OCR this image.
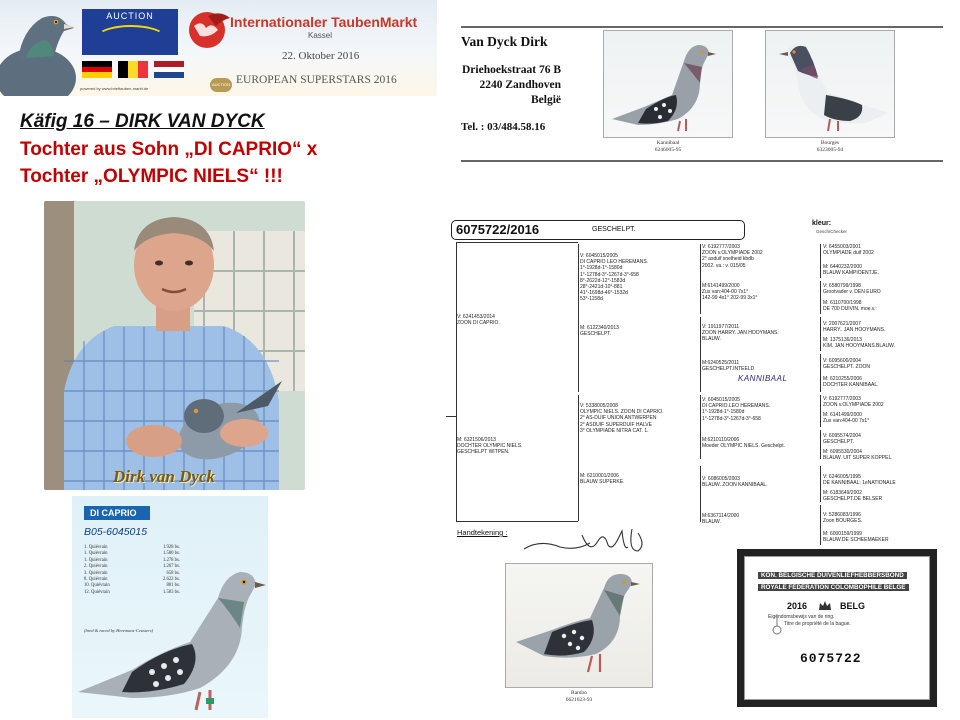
AUCTION	Internationaler TaubenMarkt
Kassel
22. Oktober 2016
AUCTION EUROPEAN SUPERSTARS 2016
powered by www.brieftauben-markt.de
Käfig 16 – DIRK VAN DYCK
Tochter aus Sohn „DI CAPRIO“ x
Tochter „OLYMPIC NIELS“ !!!
Dirk van Dyck
DI CAPRIO
B05-6045015
1. Quiévrain	1.928 bs.
1. Quiévrain	1.580 bs.
1. Quiévrain	1.278 bs.
2. Quiévrain	1.267 bs.
3. Quiévrain	658 bs.
8. Quiévrain	2.622 bs.
10. Quiévrain	881 bs.
12. Quiévrain	1.583 bs.
(bred & raced by Heremans-Ceusters)
Van Dyck Dirk
Driehoekstraat 76 B
2240 Zandhoven
België
Tel. : 03/484.58.16
Kannibaal
6246005-95
Bourges
6323005-94
6075722/2016	GESCHELPT.
kleur:
Gesch/Checker
V: 6241453/2014
ZOON DI CAPRIO.
M: 6321506/2013
DOCHTER OLYMPIC NIELS.
GESCHELPT WITPEN.
V: 6045015/2005
DI CAPRIO LEO HEREMANS.
1°-1928d-1°-1580d
1°-1278d-3°-1267d-3°-658
8°-2622d-12°-1583d
28°-2421d-10°-881
41°-1698d-46°-1532d
53°-1158d
M: 6122340/2013
GESCHELPT.
V: 5338005/2008
OLYMPIC NIELS. ZOON DI CAPRIO.
2° AS-DUIF UNION ANTWERPEN
2° ASDUIF SUPERDUIF HALVE
3° OLYMPIADE NITRA CAT. 1.
M: 6210001/2006
BLAUW SUPERKE.
V: 6192777/2003
ZOON v.OLYMPIADE 2002
2° asduif snelheid kbdb
2002. va.: v. 015/05
M:6141499/2000
Zus van:404-00 7x1°
142-99 4x1° 202-99 3x1°
V: 1911977/2011
ZOON HARRY. JAN HOOYMANS.
BLAUW.
M:6240525/2011
GESCHELPT.INTEELD
KANNIBAAL
V: 6045015/2005
DI CAPRIO.LEO HEREMANS.
1°-1928d-1°-1580d
1°-1278d-3°-1267d-3°-658
M:6210110/2006
Moeder OLYMPIC NIELS. Geschelpt.
V: 6086005/2003
BLAUW. ZOON KANNIBAAL.
M:6367114/2000
BLAUW.
V: 6455003/2001
OLYMPIADE duif 2002
M: 6440232/2000
BLAUW KAMPIOENTJE.
V: 6580799/1998
Grootvader v. DEN EURO
M: 6110700/1998
DE 700 DUIVIN. moe.v.:
V: 2007621/2007
HARRY.. JAN HOOYMANS.
M: 1375136/2013
KIM. JAN HOOYMANS.BLAUW.
V: 6095600/2004
GESCHELPT. ZOON
M: 6210255/2006
DOCHTER KANNIBAAL.
V: 6192777/2003
ZOON v.OLYMPIADE 2002
M: 6141499/2000
Zus van:404-00 7x1°
V: 6095574/2004
GESCHELPT.
M: 6095530/2004
BLAUW. UIT SUPER KOPPEL.
V: 6246005/1995
DE KANNIBAAL: 1eNATIONALE
M: 6183649/2002
GESCHELPT.DE BELSER
V: 5286083/1996
Zoon BOURGES.
M: 6000159/1999
BLAUW.DE SCHEEMAEKER
Handtekening :
Rambo
6621023-93
KON. BELGISCHE DUIVENLIEFHEBBERSBOND
ROYALE FÉDÉRATION COLOMBOPHILE BELGE
2016	BELG
Eigendomsbewijs van de ring.
Titre de propriété de la bague.
6075722
